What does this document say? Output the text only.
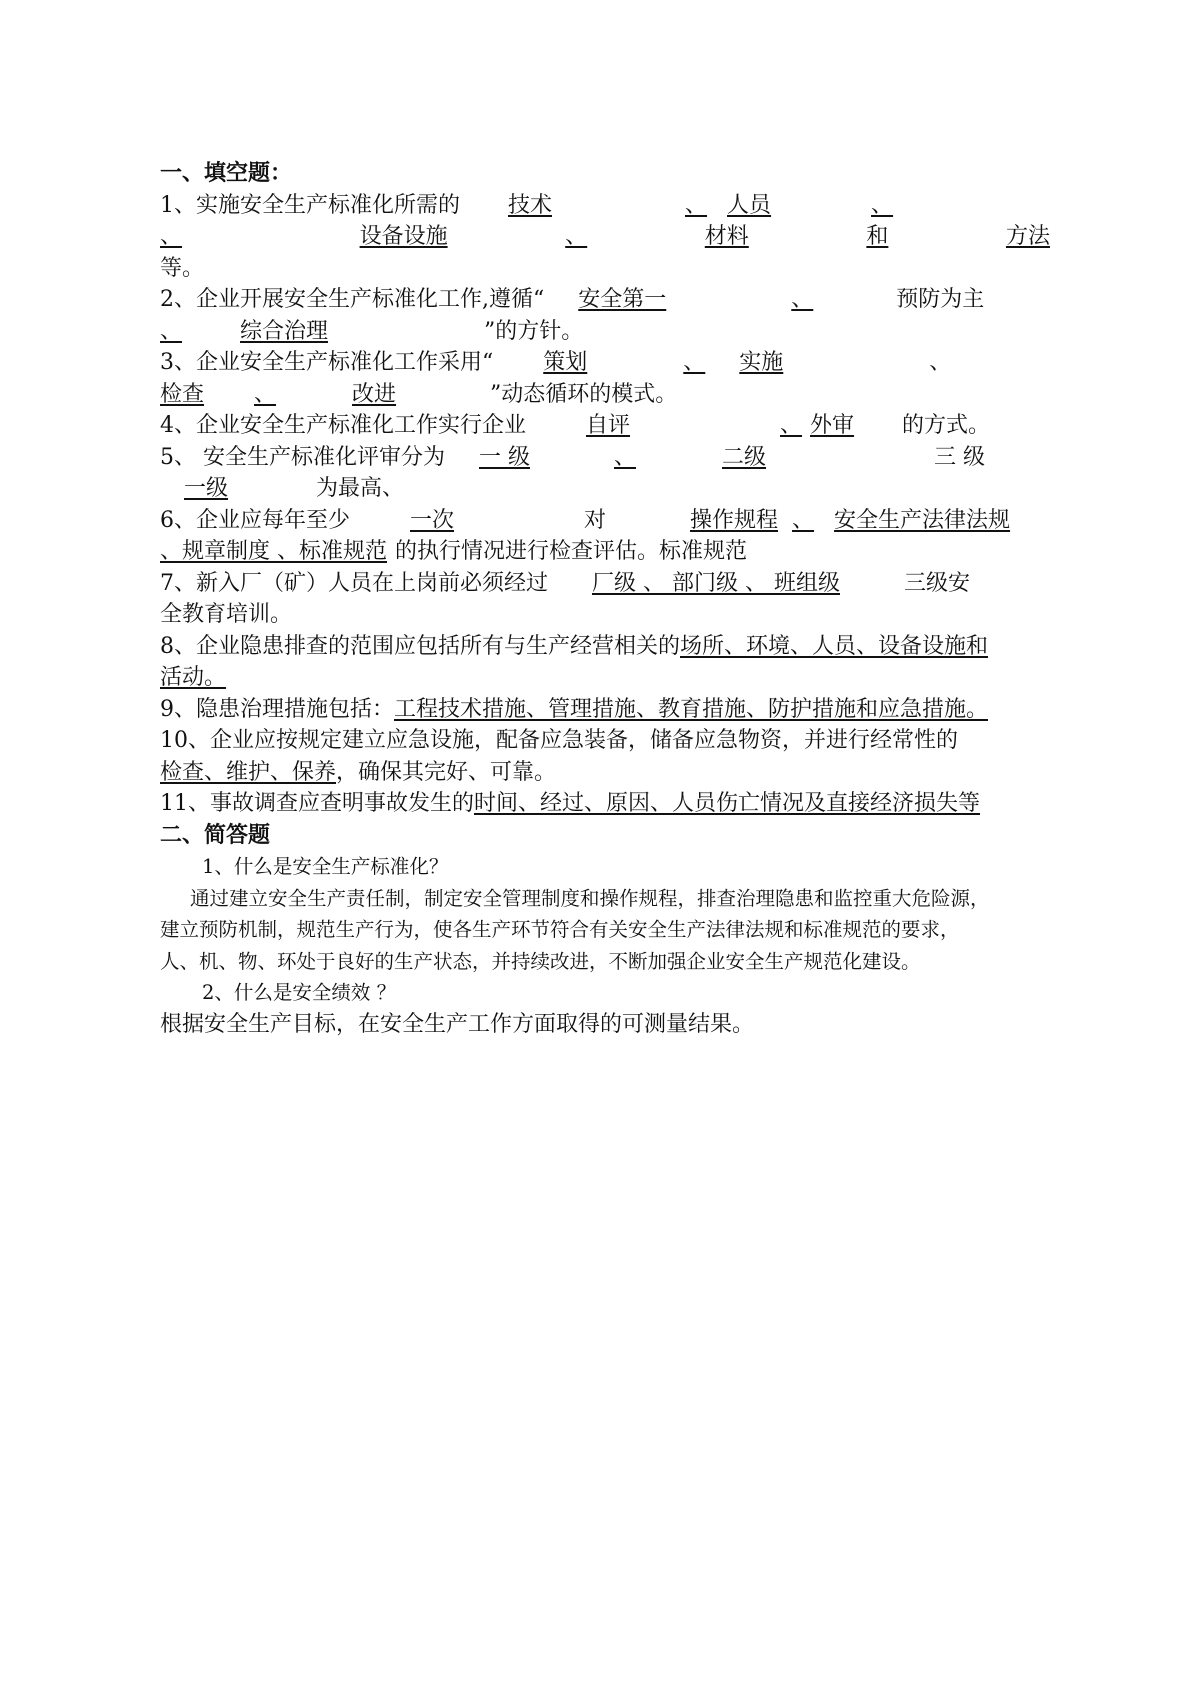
一、填空题：
1、实施安全生产标准化所需的 技术	、 人员	、
、	设备设施	、	材料	和	方法
等。
2、企业开展安全生产标准化工作,遵循“ 安全第一	、	预防为主
、	综合治理	”的方针。
3、企业安全生产标准化工作采用“ 策划	、 实施	、
检查 、	改进	”动态循环的模式。
4、企业安全生产标准化工作实行企业	自评	、 外审 的方式。
5、 安全生产标准化评审分为 一 级	、	二级	三 级
一级	为最高、
6、企业应每年至少	一次	对	操作规程 、 安全生产法律法规
、规章制度 、标准规范 的执行情况进行检查评估。标准规范
7、新入厂（矿）人员在上岗前必须经过 厂级 、 部门级 、 班组级	三级安
全教育培训。
8、企业隐患排查的范围应包括所有与生产经营相关的场所、环境、人员、设备设施和
活动。
9、隐患治理措施包括：工程技术措施、管理措施、教育措施、防护措施和应急措施。
10、企业应按规定建立应急设施，配备应急装备，储备应急物资，并进行经常性的
检查、维护、保养，确保其完好、可靠。
11、事故调查应查明事故发生的时间、经过、原因、人员伤亡情况及直接经济损失等
二、简答题
1、什么是安全生产标准化？
通过建立安全生产责任制，制定安全管理制度和操作规程，排查治理隐患和监控重大危险源，
建立预防机制，规范生产行为，使各生产环节符合有关安全生产法律法规和标准规范的要求，
人、机、物、环处于良好的生产状态，并持续改进，不断加强企业安全生产规范化建设。
2、什么是安全绩效 ？
根据安全生产目标，在安全生产工作方面取得的可测量结果。
